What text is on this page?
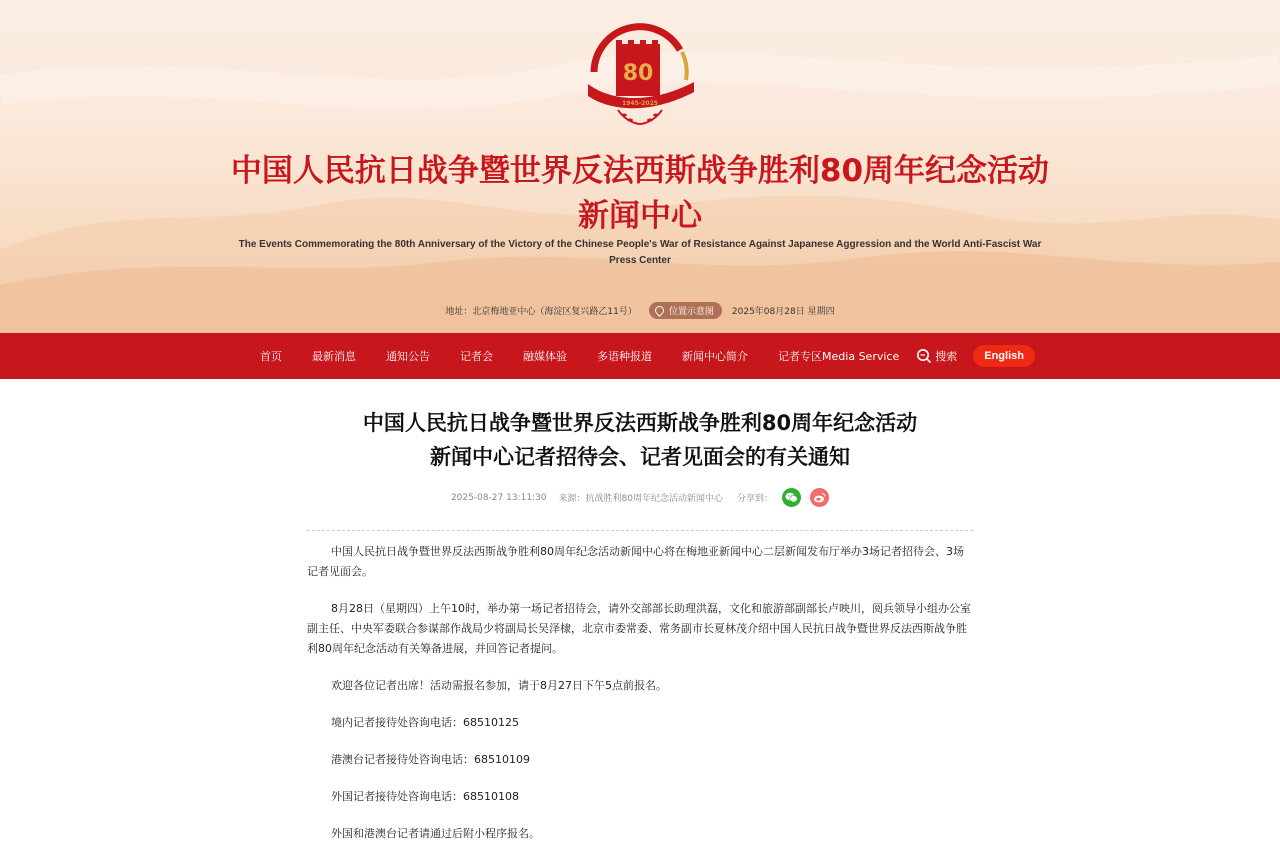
80
1945-2025
中国人民抗日战争暨世界反法西斯战争胜利80周年纪念活动
新闻中心
The Events Commemorating the 80th Anniversary of the Victory of the Chinese People's War of Resistance Against Japanese Aggression and the World Anti-Fascist War
Press Center
地址：北京梅地亚中心（海淀区复兴路乙11号）	位置示意图 2025年08月28日 星期四
首页	最新消息	通知公告	记者会	融媒体验	多语种报道	新闻中心简介	记者专区Media Service	搜索	English
中国人民抗日战争暨世界反法西斯战争胜利80周年纪念活动
新闻中心记者招待会、记者见面会的有关通知
2025-08-27 13:11:30 来源：抗战胜利80周年纪念活动新闻中心 分享到：

中国人民抗日战争暨世界反法西斯战争胜利80周年纪念活动新闻中心将在梅地亚新闻中心二层新闻发布厅举办3场记者招待会、3场记者见面会。

8月28日（星期四）上午10时，举办第一场记者招待会，请外交部部长助理洪磊，文化和旅游部副部长卢映川，阅兵领导小组办公室副主任、中央军委联合参谋部作战局少将副局长吴泽棣，北京市委常委、常务副市长夏林茂介绍中国人民抗日战争暨世界反法西斯战争胜利80周年纪念活动有关筹备进展，并回答记者提问。

欢迎各位记者出席！活动需报名参加，请于8月27日下午5点前报名。

境内记者接待处咨询电话：68510125

港澳台记者接待处咨询电话：68510109

外国记者接待处咨询电话：68510108

外国和港澳台记者请通过后附小程序报名。
